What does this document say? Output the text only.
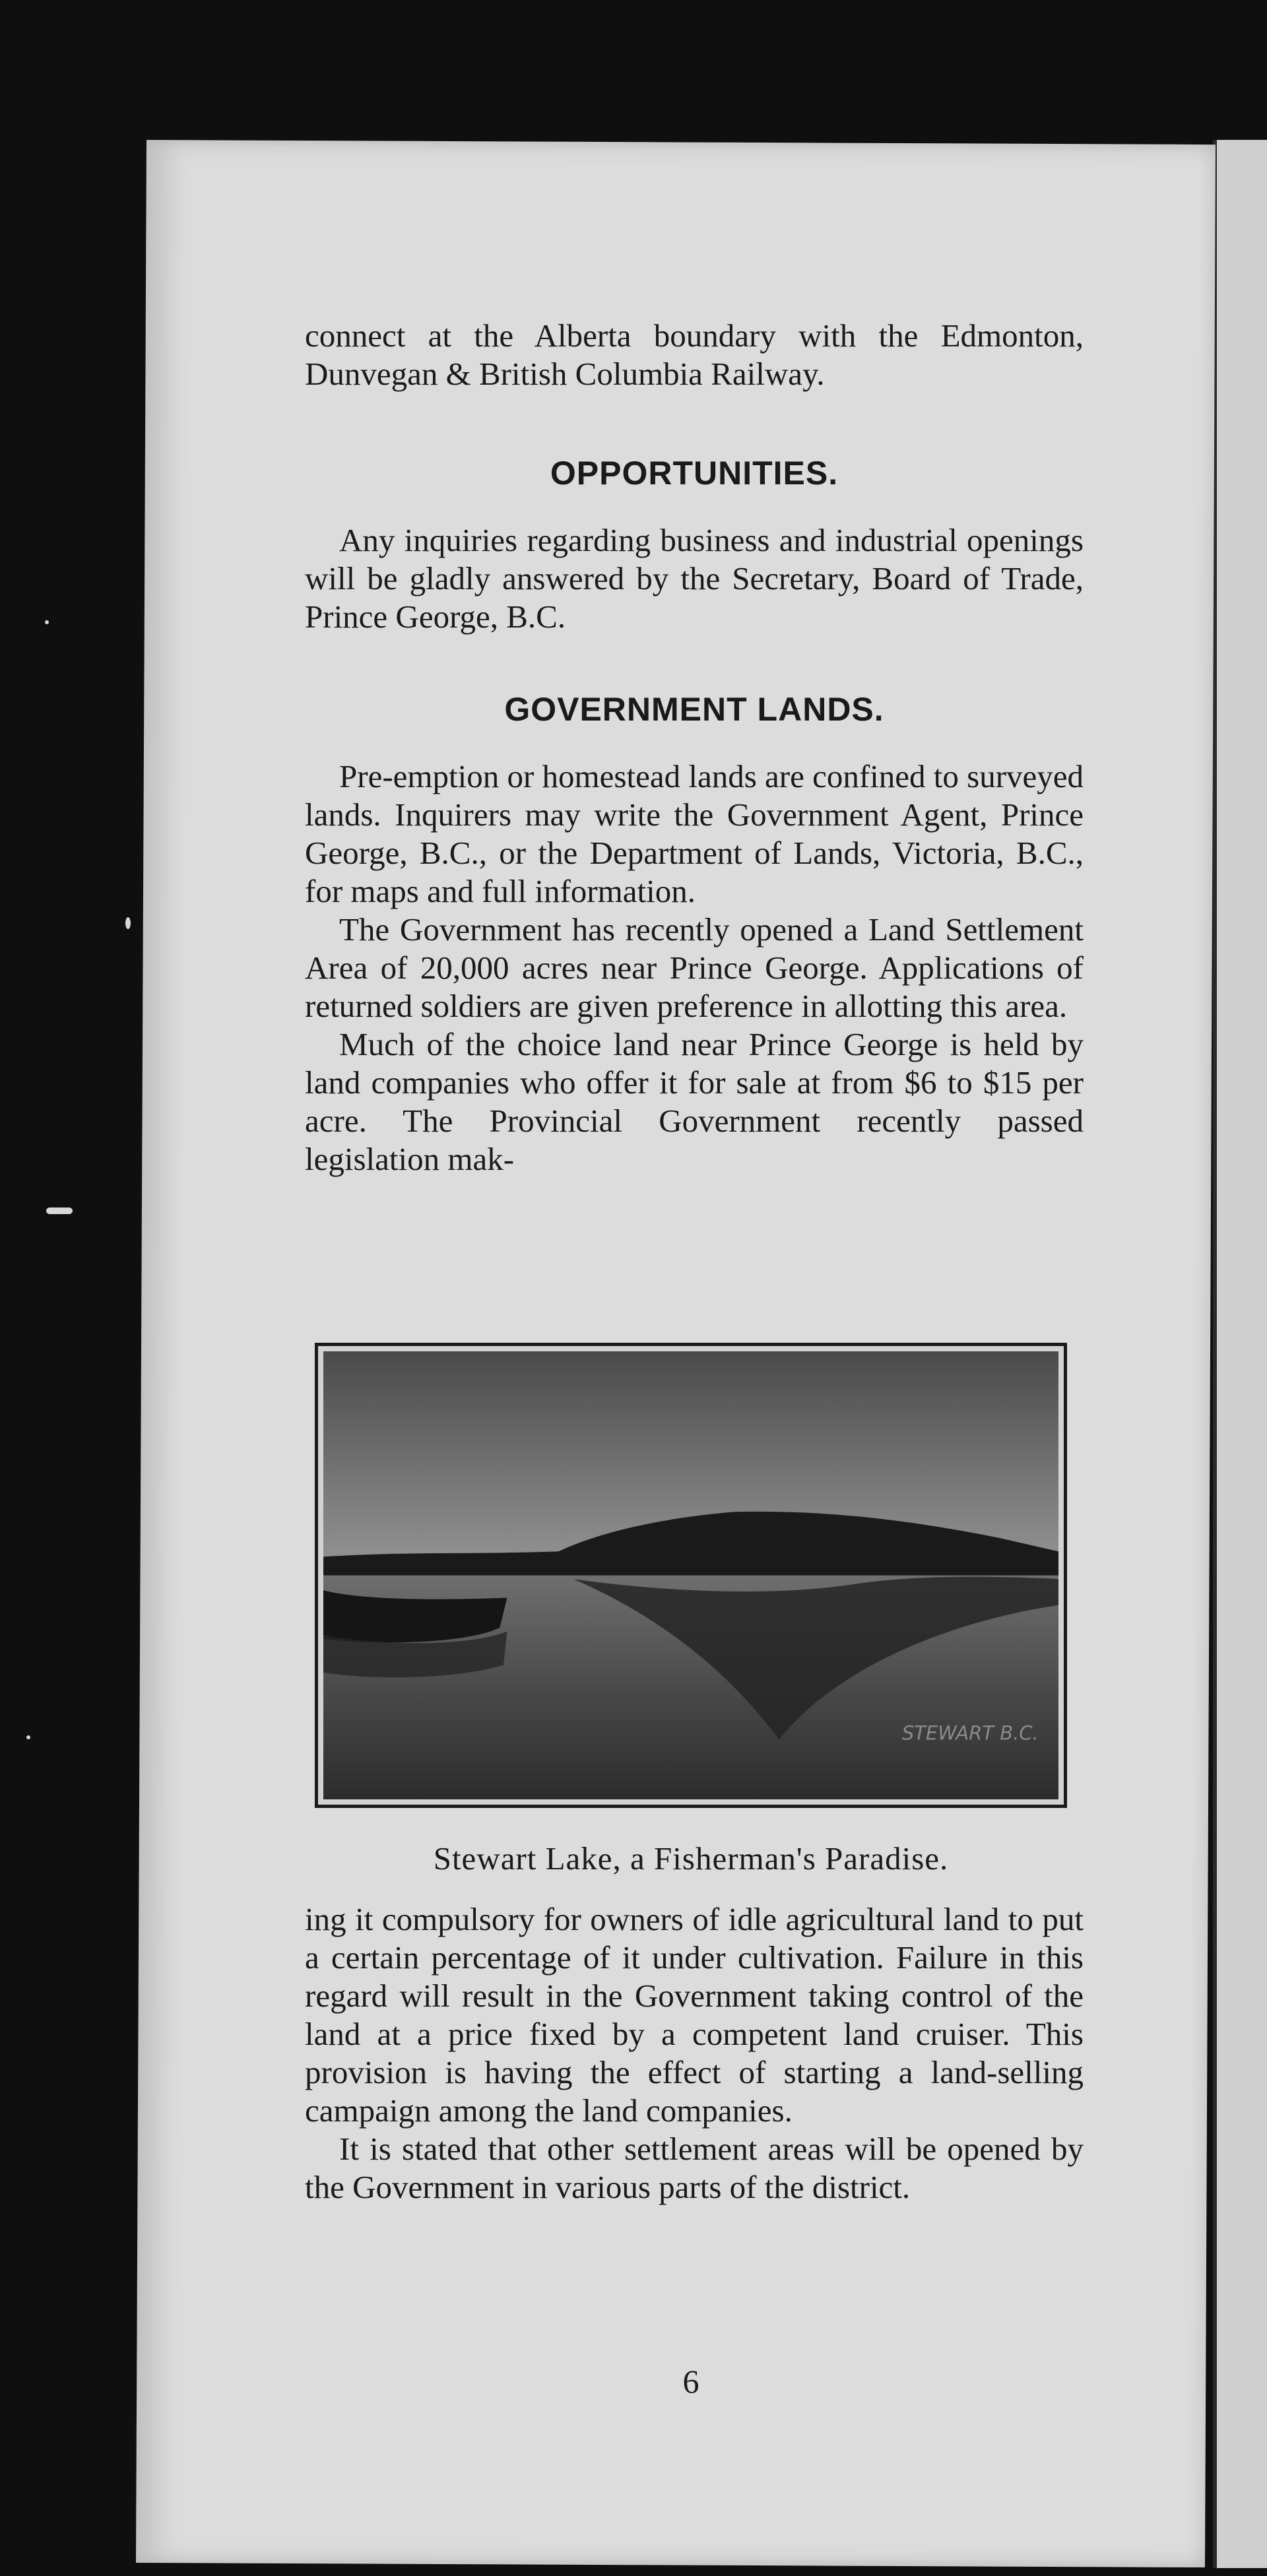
connect at the Alberta boundary with the Edmonton, Dunvegan & British Columbia Railway.

OPPORTUNITIES.

Any inquiries regarding business and industrial openings will be gladly answered by the Secretary, Board of Trade, Prince George, B.C.

GOVERNMENT LANDS.

Pre-emption or homestead lands are confined to surveyed lands. Inquirers may write the Government Agent, Prince George, B.C., or the Department of Lands, Victoria, B.C., for maps and full information.

The Government has recently opened a Land Settlement Area of 20,000 acres near Prince George. Applications of returned soldiers are given preference in allotting this area.

Much of the choice land near Prince George is held by land companies who offer it for sale at from $6 to $15 per acre. The Provincial Government recently passed legislation mak-

STEWART B.C.
Stewart Lake, a Fisherman's Paradise.

ing it compulsory for owners of idle agricultural land to put a certain percentage of it under cultivation. Failure in this regard will result in the Government taking control of the land at a price fixed by a competent land cruiser. This provision is having the effect of starting a land-selling campaign among the land companies.

It is stated that other settlement areas will be opened by the Government in various parts of the district.

6
